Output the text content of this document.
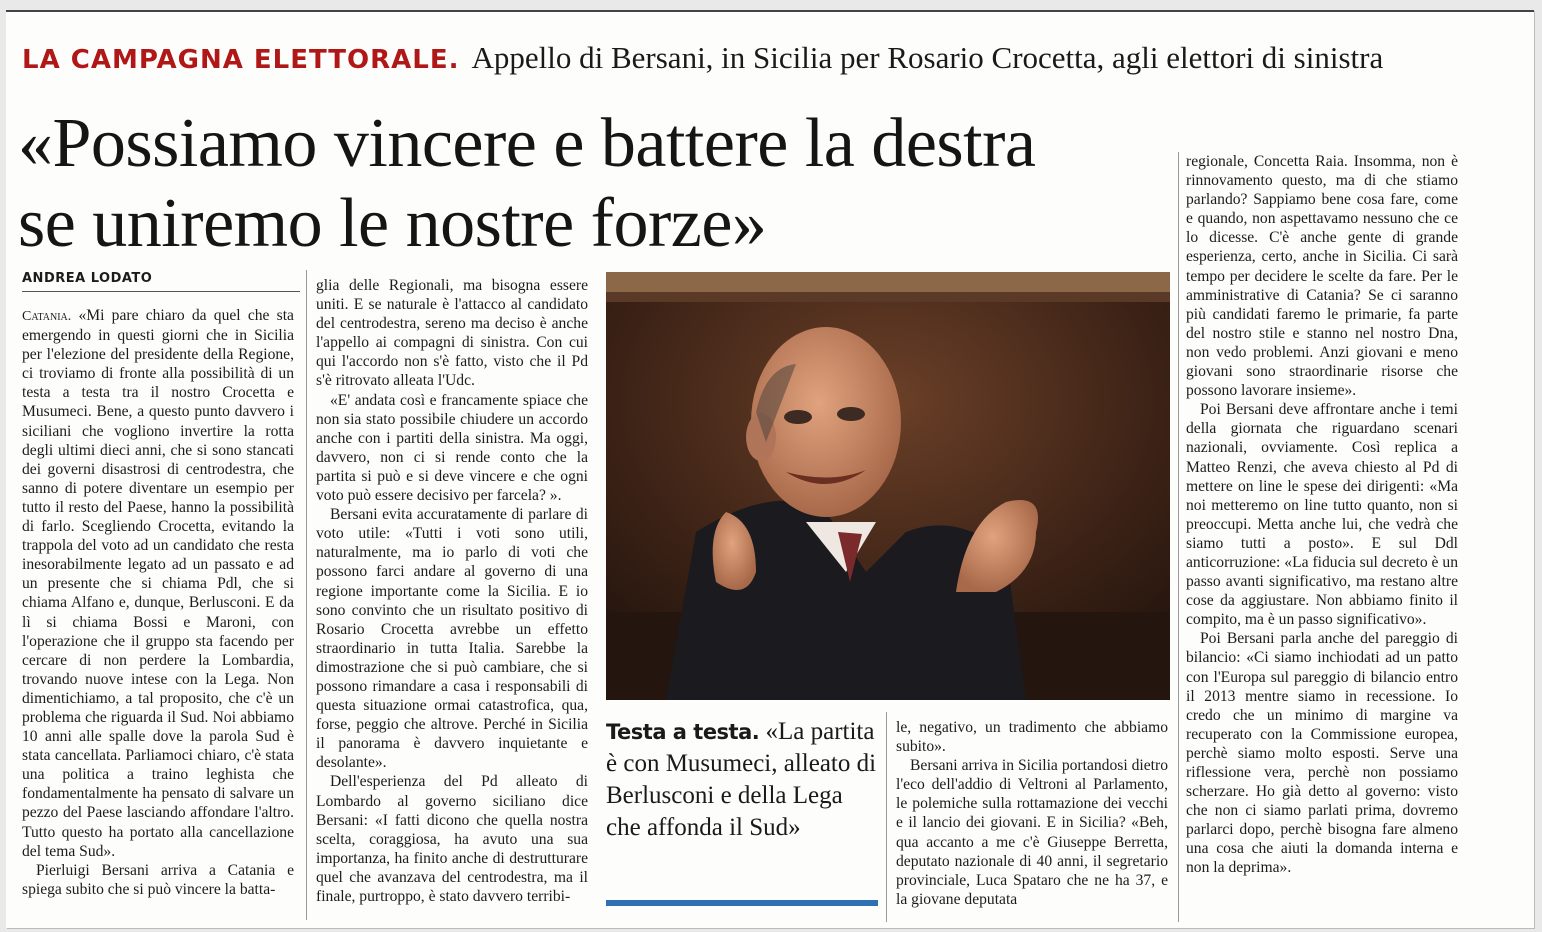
LA CAMPAGNA ELETTORALE. Appello di Bersani, in Sicilia per Rosario Crocetta, agli elettori di sinistra
«Possiamo vincere e battere la destra
se uniremo le nostre forze»
ANDREA LODATO

Catania. «Mi pare chiaro da quel che sta emergendo in questi giorni che in Sicilia per l'elezione del presidente della Regione, ci troviamo di fronte alla possibilità di un testa a testa tra il nostro Crocetta e Musumeci. Bene, a questo punto davvero i siciliani che vogliono invertire la rotta degli ultimi dieci anni, che si sono stancati dei governi disastrosi di centrodestra, che sanno di potere diventare un esempio per tutto il resto del Paese, hanno la possibilità di farlo. Scegliendo Crocetta, evitando la trappola del voto ad un candidato che resta inesorabilmente legato ad un passato e ad un presente che si chiama Pdl, che si chiama Alfano e, dunque, Berlusconi. E da lì si chiama Bossi e Maroni, con l'operazione che il gruppo sta facendo per cercare di non perdere la Lombardia, trovando nuove intese con la Lega. Non dimentichiamo, a tal proposito, che c'è un problema che riguarda il Sud. Noi abbiamo 10 anni alle spalle dove la parola Sud è stata cancellata. Parliamoci chiaro, c'è stata una politica a traino leghista che fondamentalmente ha pensato di salvare un pezzo del Paese lasciando affondare l'altro. Tutto questo ha portato alla cancellazione del tema Sud».

Pierluigi Bersani arriva a Catania e spiega subito che si può vincere la batta-

glia delle Regionali, ma bisogna essere uniti. E se naturale è l'attacco al candidato del centrodestra, sereno ma deciso è anche l'appello ai compagni di sinistra. Con cui qui l'accordo non s'è fatto, visto che il Pd s'è ritrovato alleata l'Udc.

«E' andata così e francamente spiace che non sia stato possibile chiudere un accordo anche con i partiti della sinistra. Ma oggi, davvero, non ci si rende conto che la partita si può e si deve vincere e che ogni voto può essere decisivo per farcela? ».

Bersani evita accuratamente di parlare di voto utile: «Tutti i voti sono utili, naturalmente, ma io parlo di voti che possono farci andare al governo di una regione importante come la Sicilia. E io sono convinto che un risultato positivo di Rosario Crocetta avrebbe un effetto straordinario in tutta Italia. Sarebbe la dimostrazione che si può cambiare, che si possono rimandare a casa i responsabili di questa situazione ormai catastrofica, qua, forse, peggio che altrove. Perché in Sicilia il panorama è davvero inquietante e desolante».

Dell'esperienza del Pd alleato di Lombardo al governo siciliano dice Bersani: «I fatti dicono che quella nostra scelta, coraggiosa, ha avuto una sua importanza, ha finito anche di destrutturare quel che avanzava del centrodestra, ma il finale, purtroppo, è stato davvero terribi-

Testa a testa. «La partita è con Musumeci, alleato di Berlusconi e della Lega che affonda il Sud»

le, negativo, un tradimento che abbiamo subito».

Bersani arriva in Sicilia portandosi dietro l'eco dell'addio di Veltroni al Parlamento, le polemiche sulla rottamazione dei vecchi e il lancio dei giovani. E in Sicilia? «Beh, qua accanto a me c'è Giuseppe Berretta, deputato nazionale di 40 anni, il segretario provinciale, Luca Spataro che ne ha 37, e la giovane deputata

regionale, Concetta Raia. Insomma, non è rinnovamento questo, ma di che stiamo parlando? Sappiamo bene cosa fare, come e quando, non aspettavamo nessuno che ce lo dicesse. C'è anche gente di grande esperienza, certo, anche in Sicilia. Ci sarà tempo per decidere le scelte da fare. Per le amministrative di Catania? Se ci saranno più candidati faremo le primarie, fa parte del nostro stile e stanno nel nostro Dna, non vedo problemi. Anzi giovani e meno giovani sono straordinarie risorse che possono lavorare insieme».

Poi Bersani deve affrontare anche i temi della giornata che riguardano scenari nazionali, ovviamente. Così replica a Matteo Renzi, che aveva chiesto al Pd di mettere on line le spese dei dirigenti: «Ma noi metteremo on line tutto quanto, non si preoccupi. Metta anche lui, che vedrà che siamo tutti a posto». E sul Ddl anticorruzione: «La fiducia sul decreto è un passo avanti significativo, ma restano altre cose da aggiustare. Non abbiamo finito il compito, ma è un passo significativo».

Poi Bersani parla anche del pareggio di bilancio: «Ci siamo inchiodati ad un patto con l'Europa sul pareggio di bilancio entro il 2013 mentre siamo in recessione. Io credo che un minimo di margine va recuperato con la Commissione europea, perchè siamo molto esposti. Serve una riflessione vera, perchè non possiamo scherzare. Ho già detto al governo: visto che non ci siamo parlati prima, dovremo parlarci dopo, perchè bisogna fare almeno una cosa che aiuti la domanda interna e non la deprima».
